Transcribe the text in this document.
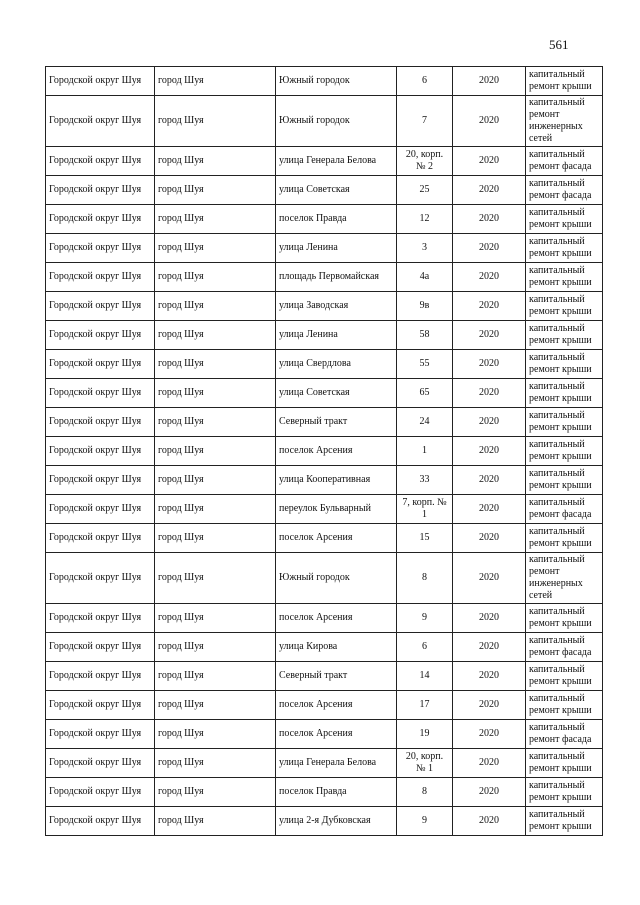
561
Городской округ Шуя	город Шуя	Южный городок	6	2020	капитальный ремонт крыши
Городской округ Шуя	город Шуя	Южный городок	7	2020	капитальный ремонт инженерных сетей
Городской округ Шуя	город Шуя	улица Генерала Белова	20, корп. № 2	2020	капитальный ремонт фасада
Городской округ Шуя	город Шуя	улица Советская	25	2020	капитальный ремонт фасада
Городской округ Шуя	город Шуя	поселок Правда	12	2020	капитальный ремонт крыши
Городской округ Шуя	город Шуя	улица Ленина	3	2020	капитальный ремонт крыши
Городской округ Шуя	город Шуя	площадь Первомайская	4а	2020	капитальный ремонт крыши
Городской округ Шуя	город Шуя	улица Заводская	9в	2020	капитальный ремонт крыши
Городской округ Шуя	город Шуя	улица Ленина	58	2020	капитальный ремонт крыши
Городской округ Шуя	город Шуя	улица Свердлова	55	2020	капитальный ремонт крыши
Городской округ Шуя	город Шуя	улица Советская	65	2020	капитальный ремонт крыши
Городской округ Шуя	город Шуя	Северный тракт	24	2020	капитальный ремонт крыши
Городской округ Шуя	город Шуя	поселок Арсения	1	2020	капитальный ремонт крыши
Городской округ Шуя	город Шуя	улица Кооперативная	33	2020	капитальный ремонт крыши
Городской округ Шуя	город Шуя	переулок Бульварный	7, корп. № 1	2020	капитальный ремонт фасада
Городской округ Шуя	город Шуя	поселок Арсения	15	2020	капитальный ремонт крыши
Городской округ Шуя	город Шуя	Южный городок	8	2020	капитальный ремонт инженерных сетей
Городской округ Шуя	город Шуя	поселок Арсения	9	2020	капитальный ремонт крыши
Городской округ Шуя	город Шуя	улица Кирова	6	2020	капитальный ремонт фасада
Городской округ Шуя	город Шуя	Северный тракт	14	2020	капитальный ремонт крыши
Городской округ Шуя	город Шуя	поселок Арсения	17	2020	капитальный ремонт крыши
Городской округ Шуя	город Шуя	поселок Арсения	19	2020	капитальный ремонт фасада
Городской округ Шуя	город Шуя	улица Генерала Белова	20, корп. № 1	2020	капитальный ремонт крыши
Городской округ Шуя	город Шуя	поселок Правда	8	2020	капитальный ремонт крыши
Городской округ Шуя	город Шуя	улица 2-я Дубковская	9	2020	капитальный ремонт крыши
